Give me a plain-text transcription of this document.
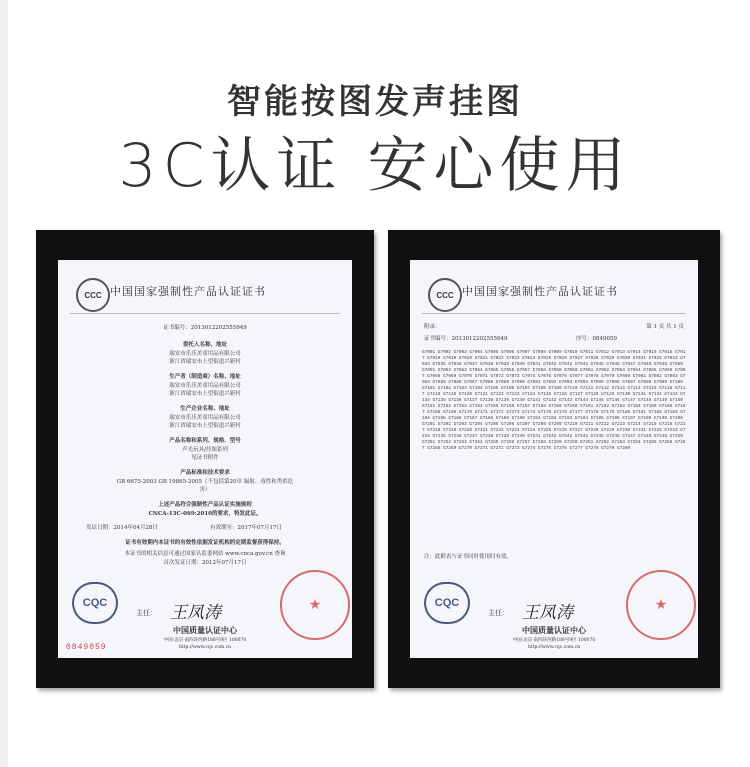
智能按图发声挂图
3C认证 安心使用
CCC 中国国家强制性产品认证证书
证书编号：2013012202555949
委托人名称、地址
瑞安市乐乐美童用品有限公司
浙江省瑞安市上望街道兴新村
生产者（制造商）名称、地址
瑞安市乐乐美童用品有限公司
浙江省瑞安市上望街道兴新村
生产企业名称、地址
瑞安市乐乐美童用品有限公司
浙江省瑞安市上望街道兴新村
产品名称和系列、规格、型号
声光玩具/挂图系列
见证书附件
产品标准和技术要求
GB 6675-2003 GB 19865-2005（不包括第20章 辐射、毒性和类似危
害）
上述产品符合强制性产品认证实施规则
CNCA-13C-069:2010的要求，特发此证。
发证日期：2014年04月28日	有效期至：2017年07月17日
证书有效期内本证书的有效性依据发证机构的定期监督获得保持。
本证书的相关信息可通过国家认监委网站 www.cnca.gov.cn 查询
首次发证日期：2012年07月17日
CQC
主任： 王凤涛	★
中国质量认证中心
中国·北京·南四环西路188号9区 100070
http://www.cqc.com.cn
0849059
CCC 中国国家强制性产品认证证书
附录：	第 1 页 共 1 页
证书编号：2013012202555949	序号：0849059
G7001 G7002 G7003 G7004 G7005 G7006 G7007 G7008 G7009 G7010 G7011 G7012 G7013 G7014 G7015 G7016 G7017 G7018 G7019 G7020 G7021 G7022 G7023 G7024 G7025 G7026 G7027 G7028 G7029 G7030 G7031 G7032 G7033 G7034 G7035 G7036 G7037 G7038 G7039 G7040 G7041 G7042 G7043 G7044 G7045 G7046 G7047 G7048 G7049 G7050 G7051 G7052 G7053 G7054 G7055 G7056 G7057 G7058 G7059 G7060 G7061 G7062 G7063 G7064 G7065 G7066 G7067 G7068 G7069 G7070 G7071 G7072 G7073 G7074 G7075 G7076 G7077 G7078 G7079 G7080 G7081 G7082 G7083 G7084 G7085 G7086 G7087 G7088 G7089 G7090 G7091 G7092 G7093 G7094 G7095 G7096 G7097 G7098 G7099 G7100 G7101 G7102 G7103 G7104 G7105 G7106 G7107 G7108 G7109 G7110 G7111 G7112 G7113 G7114 G7115 G7116 G7117 G7118 G7119 G7120 G7121 G7122 G7123 G7124 G7125 G7126 G7127 G7128 G7129 G7130 G7131 G7132 G7133 G7134 G7135 G7136 G7137 G7138 G7139 G7140 G7141 G7142 G7143 G7144 G7145 G7146 G7147 G7148 G7149 G7150 G7151 G7152 G7153 G7154 G7155 G7156 G7157 G7158 G7159 G7160 G7161 G7162 G7163 G7164 G7165 G7166 G7167 G7168 G7169 G7170 G7171 G7172 G7173 G7174 G7175 G7176 G7177 G7178 G7179 G7180 G7181 G7182 G7183 G7184 G7185 G7186 G7187 G7188 G7189 G7190 G7191 G7192 G7193 G7194 G7195 G7196 G7197 G7198 G7199 G7200 G7201 G7202 G7203 G7204 G7205 G7206 G7207 G7208 G7209 G7210 G7211 G7212 G7213 G7214 G7215 G7216 G7217 G7218 G7219 G7220 G7221 G7222 G7223 G7224 G7225 G7226 G7227 G7228 G7229 G7230 G7231 G7232 G7233 G7234 G7235 G7236 G7237 G7238 G7239 G7240 G7241 G7242 G7243 G7244 G7245 G7246 G7247 G7248 G7249 G7250 G7251 G7252 G7253 G7254 G7255 G7256 G7257 G7258 G7259 G7260 G7261 G7262 G7263 G7264 G7265 G7266 G7267 G7268 G7269 G7270 G7271 G7272 G7273 G7274 G7275 G7276 G7277 G7278 G7279 G7280
注：此附表与证书同时使用时有效。
CQC
主任： 王凤涛	★
中国质量认证中心
中国·北京·南四环西路188号9区 100070
http://www.cqc.com.cn
